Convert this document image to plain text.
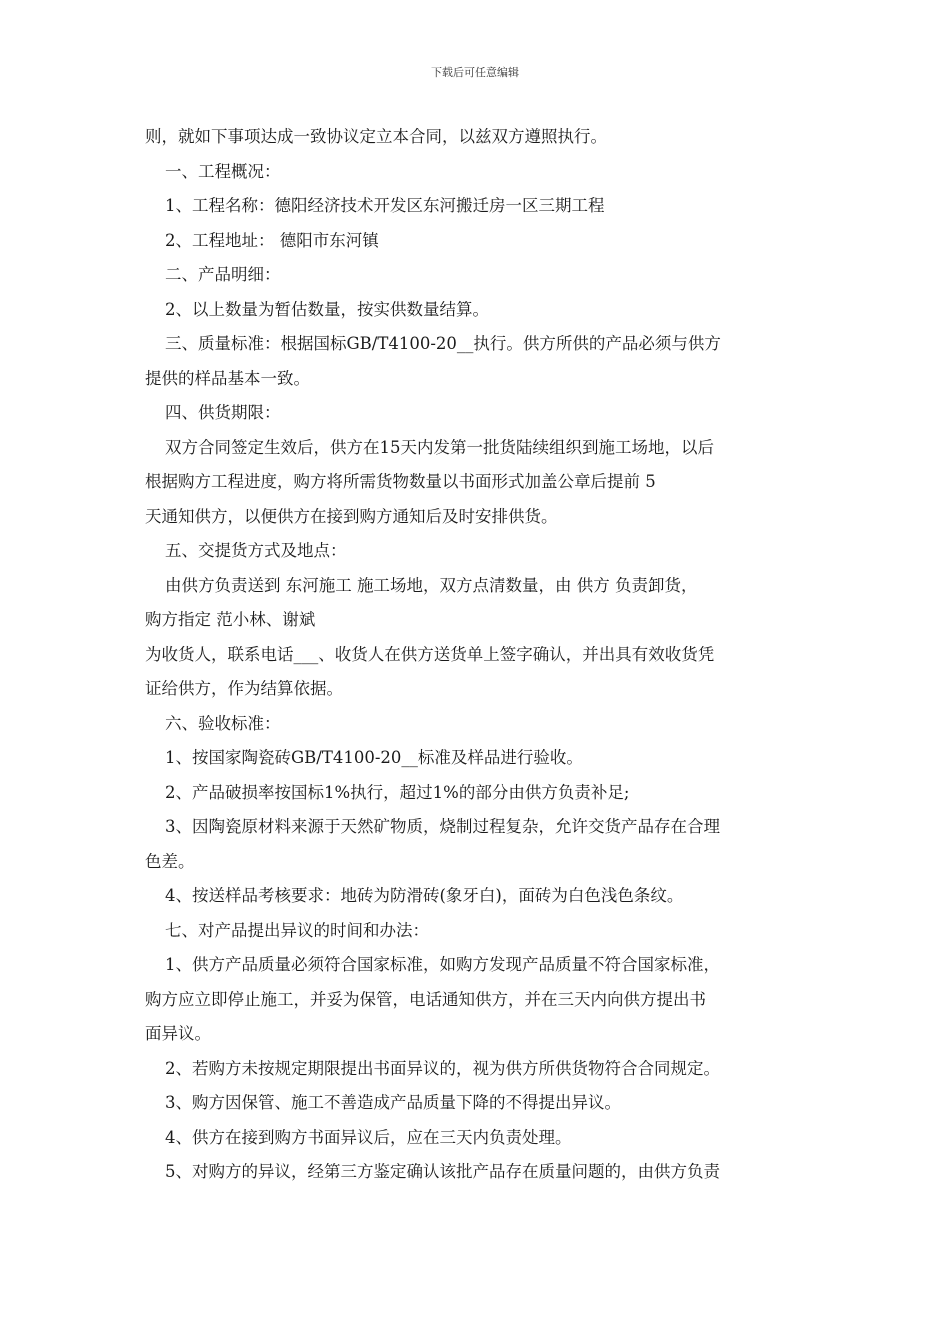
下载后可任意编辑
则，就如下事项达成一致协议定立本合同，以兹双方遵照执行。
一、工程概况：
1、工程名称：德阳经济技术开发区东河搬迁房一区三期工程
2、工程地址： 德阳市东河镇
二、产品明细：
2、以上数量为暂估数量，按实供数量结算。
三、质量标准：根据国标GB/T4100-20__执行。供方所供的产品必须与供方
提供的样品基本一致。
四、供货期限：
双方合同签定生效后，供方在15天内发第一批货陆续组织到施工场地，以后
根据购方工程进度，购方将所需货物数量以书面形式加盖公章后提前 5
天通知供方，以便供方在接到购方通知后及时安排供货。
五、交提货方式及地点：
由供方负责送到 东河施工 施工场地，双方点清数量，由 供方 负责卸货，
购方指定 范小林、谢斌
为收货人，联系电话___、收货人在供方送货单上签字确认，并出具有效收货凭
证给供方，作为结算依据。
六、验收标准：
1、按国家陶瓷砖GB/T4100-20__标准及样品进行验收。
2、产品破损率按国标1%执行，超过1%的部分由供方负责补足;
3、因陶瓷原材料来源于天然矿物质，烧制过程复杂，允许交货产品存在合理
色差。
4、按送样品考核要求：地砖为防滑砖(象牙白)，面砖为白色浅色条纹。
七、对产品提出异议的时间和办法：
1、供方产品质量必须符合国家标准，如购方发现产品质量不符合国家标准，
购方应立即停止施工，并妥为保管，电话通知供方，并在三天内向供方提出书
面异议。
2、若购方未按规定期限提出书面异议的，视为供方所供货物符合合同规定。
3、购方因保管、施工不善造成产品质量下降的不得提出异议。
4、供方在接到购方书面异议后，应在三天内负责处理。
5、对购方的异议，经第三方鉴定确认该批产品存在质量问题的，由供方负责
